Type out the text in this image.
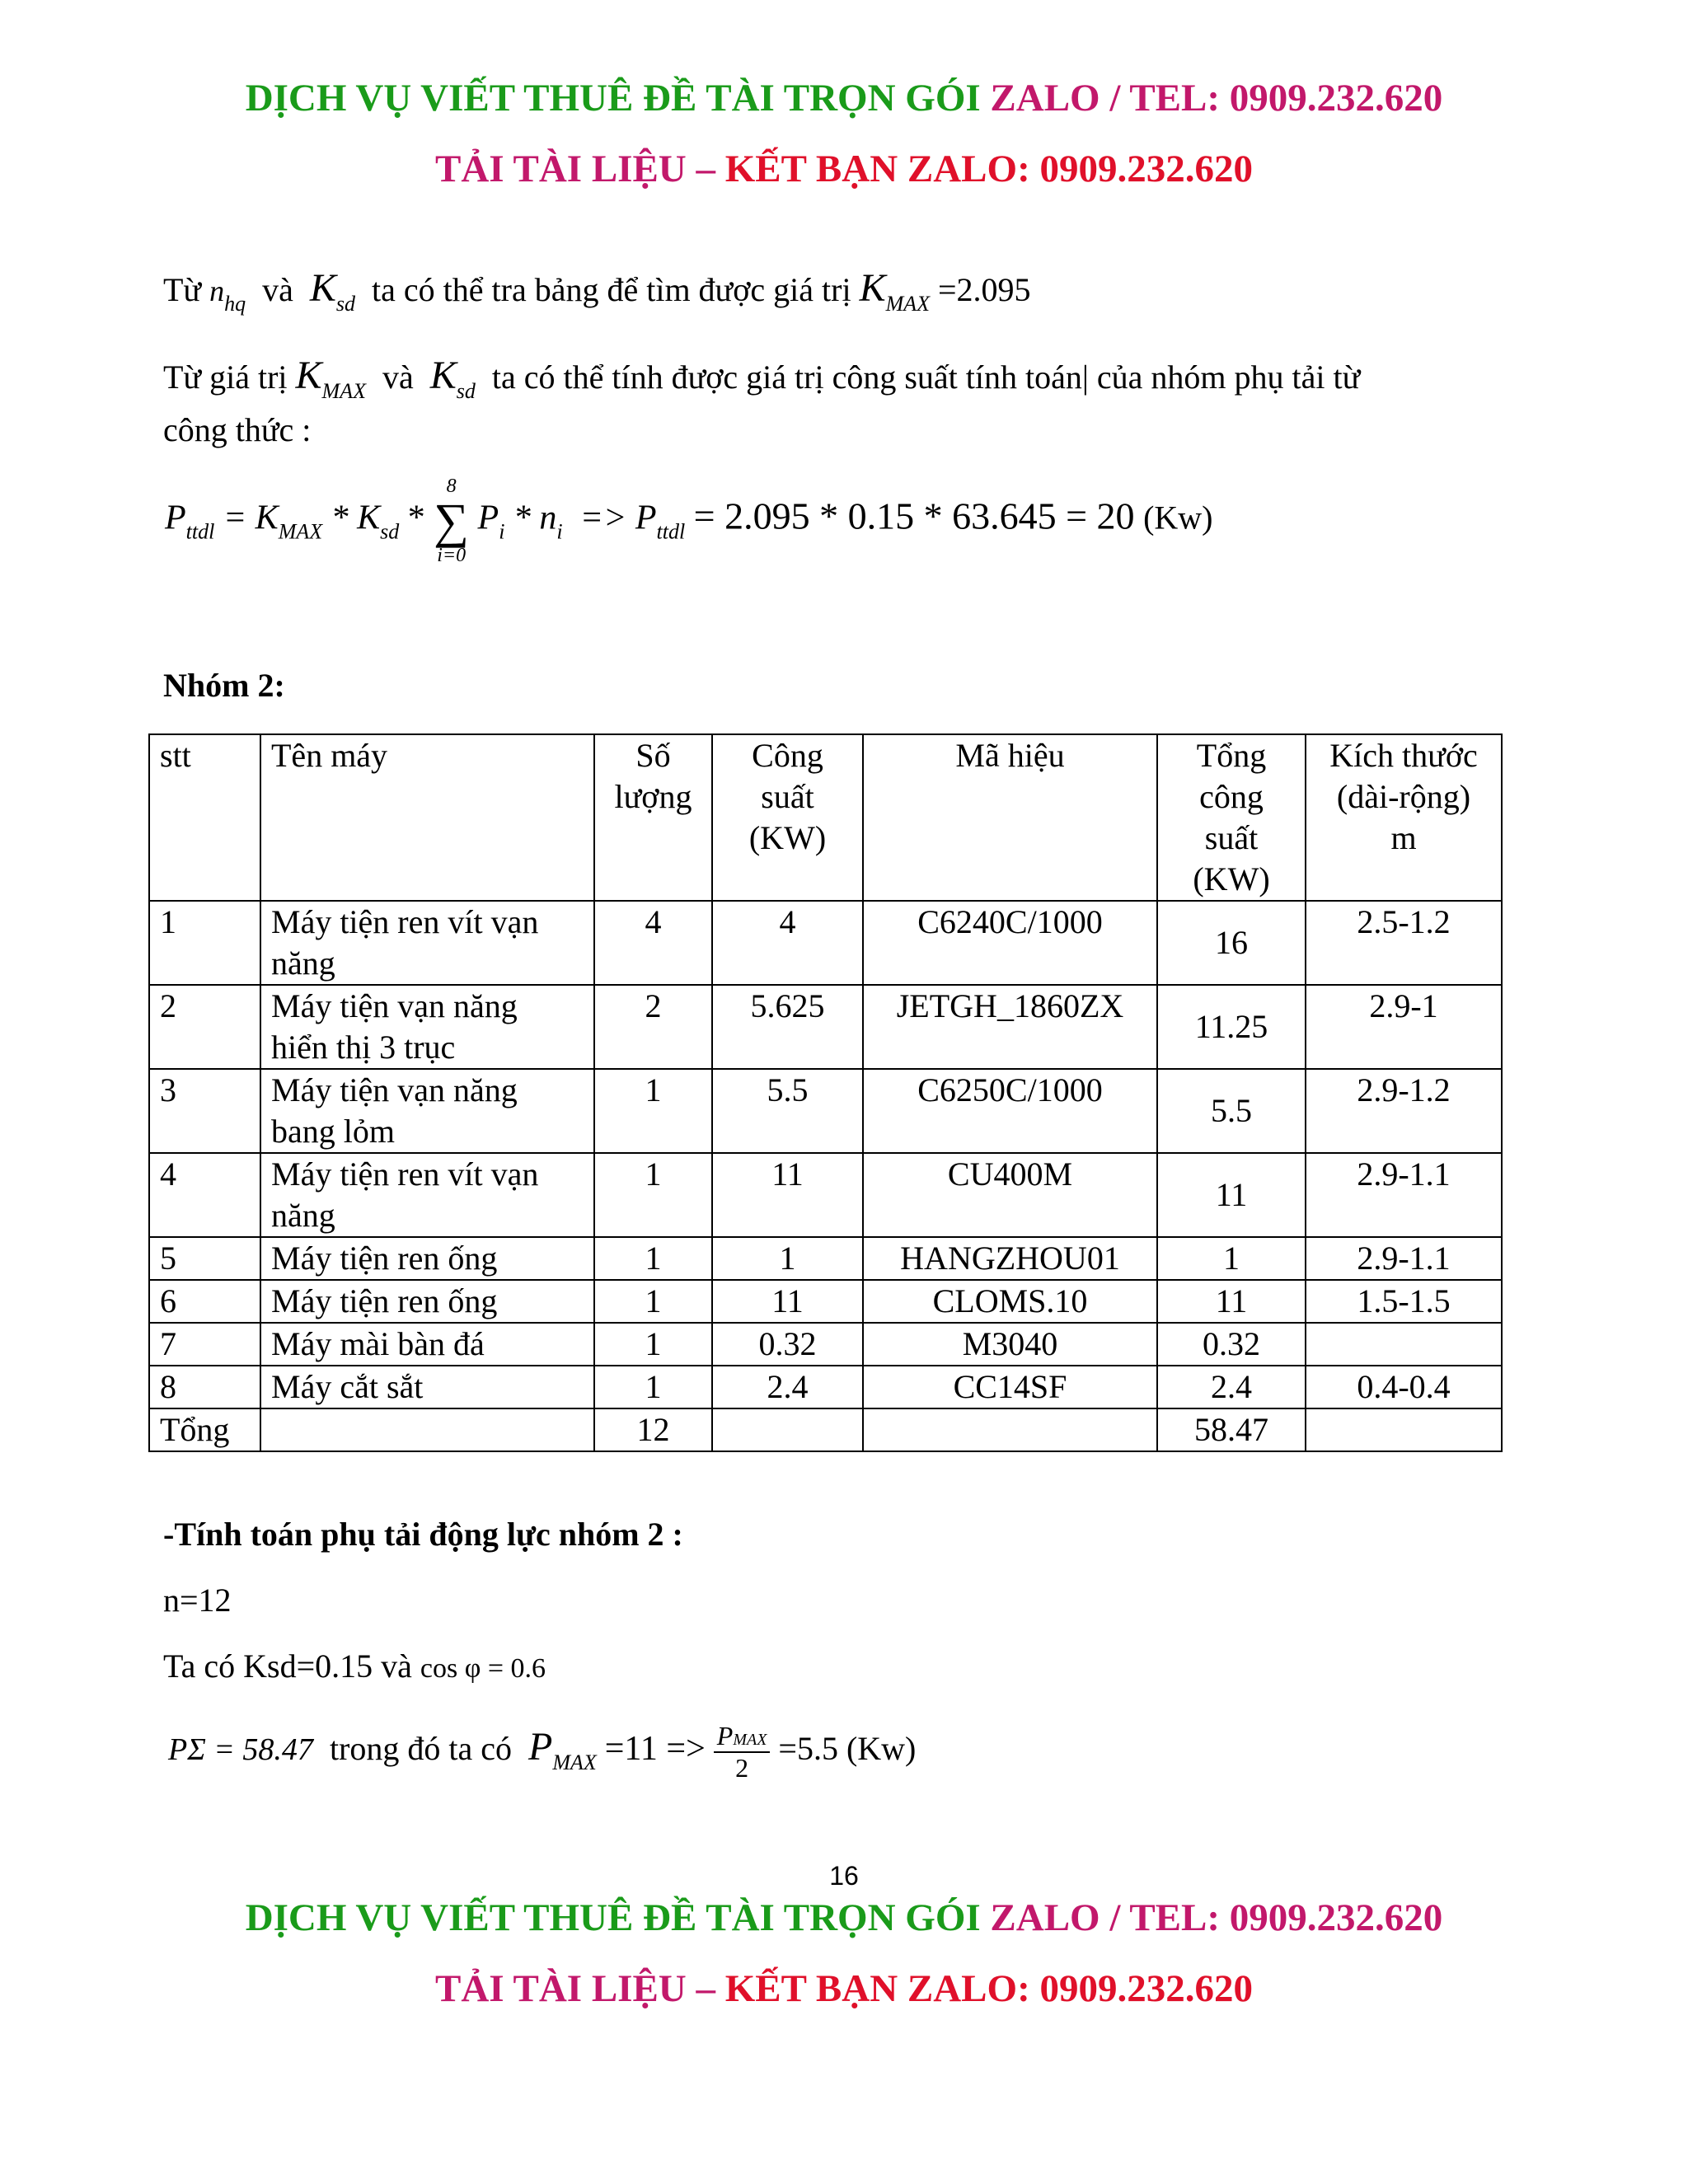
DỊCH VỤ VIẾT THUÊ ĐỀ TÀI TRỌN GÓI ZALO / TEL: 0909.232.620
TẢI TÀI LIỆU – KẾT BẠN ZALO: 0909.232.620
Từ $n_{hq}$ và $K_{sd}$ ta có thể tra bảng để tìm được giá trị $K_{MAX} =2.095$
Từ giá trị $K_{MAX}$ và $K_{sd}$ ta có thể tính được giá trị công suất tính toán| của nhóm phụ tải từ
công thức :
$P_{ttdl} = K_{MAX} * K_{sd}$ *
8
∑
i=0
$P_i * n_i => P_{ttdl} = 2.095 * 0.15 * 63.645 = 20$ (Kw)
Nhóm 2:
stt	Tên máy	Số
lượng	Công
suất
(KW)	Mã hiệu	Tổng
công
suất
(KW)	Kích thước
(dài-rộng)
m
1	Máy tiện ren vít vạn
năng	4	4	C6240C/1000	16	2.5-1.2
2	Máy tiện vạn năng
hiển thị 3 trục	2	5.625	JETGH_1860ZX	11.25	2.9-1
3	Máy tiện vạn năng
bang lỏm	1	5.5	C6250C/1000	5.5	2.9-1.2
4	Máy tiện ren vít vạn
năng	1	11	CU400M	11	2.9-1.1
5	Máy tiện ren ống	1	1	HANGZHOU01	1	2.9-1.1
6	Máy tiện ren ống	1	11	CLOMS.10	11	1.5-1.5
7	Máy mài bàn đá	1	0.32	M3040	0.32	
8	Máy cắt sắt	1	2.4	CC14SF	2.4	0.4-0.4
Tổng		12			58.47	
-Tính toán phụ tải động lực nhóm 2 :
n=12
Ta có Ksd=0.15 và cos φ = 0.6
PΣ = 58.47 trong đó ta có $P_{MAX} =11 => \frac{\text{PMAX}}{2} =5.5$ (Kw)
16
DỊCH VỤ VIẾT THUÊ ĐỀ TÀI TRỌN GÓI ZALO / TEL: 0909.232.620
TẢI TÀI LIỆU – KẾT BẠN ZALO: 0909.232.620
